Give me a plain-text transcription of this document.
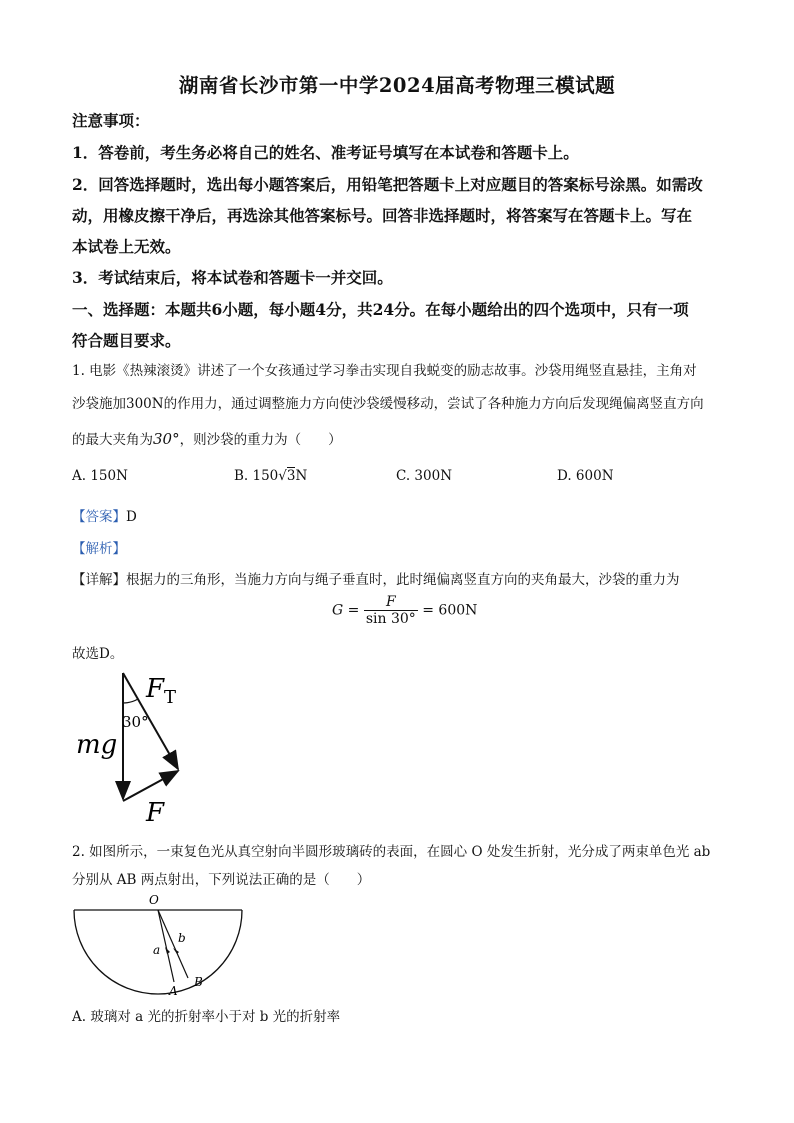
湖南省长沙市第一中学2024届高考物理三模试题
注意事项：
1．答卷前，考生务必将自己的姓名、准考证号填写在本试卷和答题卡上。
2．回答选择题时，选出每小题答案后，用铅笔把答题卡上对应题目的答案标号涂黑。如需改
动，用橡皮擦干净后，再选涂其他答案标号。回答非选择题时，将答案写在答题卡上。写在
本试卷上无效。
3．考试结束后，将本试卷和答题卡一并交回。
一、选择题：本题共6小题，每小题4分，共24分。在每小题给出的四个选项中，只有一项
符合题目要求。
1. 电影《热辣滚烫》讲述了一个女孩通过学习拳击实现自我蜕变的励志故事。沙袋用绳竖直悬挂，主角对
沙袋施加300N的作用力，通过调整施力方向使沙袋缓慢移动，尝试了各种施力方向后发现绳偏离竖直方向
的最大夹角为30°，则沙袋的重力为（　　）
A. 150N	B. 150√3N	C. 300N	D. 600N
【答案】D
【解析】
【详解】根据力的三角形，当施力方向与绳子垂直时，此时绳偏离竖直方向的夹角最大，沙袋的重力为
$G = \frac{F}{\sin 30^\circ} = 600N$
故选D。
$F_T$
30°
mg
F
2. 如图所示，一束复色光从真空射向半圆形玻璃砖的表面，在圆心 O 处发生折射，光分成了两束单色光 ab
分别从 AB 两点射出，下列说法正确的是（　　）
O
a
b
A
B
A. 玻璃对 a 光的折射率小于对 b 光的折射率
